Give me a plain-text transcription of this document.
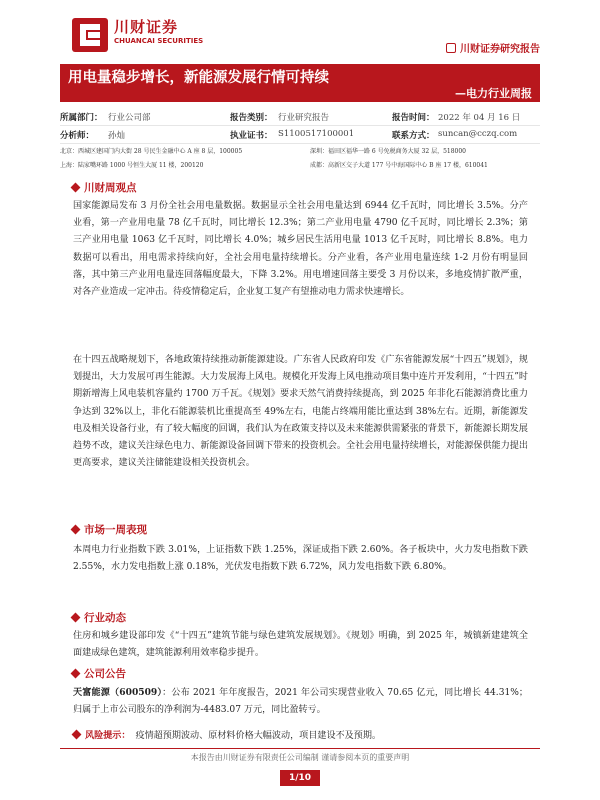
川财证券
CHUANCAI SECURITIES
川财证券研究报告
用电量稳步增长，新能源发展行情可持续
—电力行业周报
所属部门： 行业公司部	报告类别： 行业研究报告	报告时间： 2022 年 04 月 16 日
分析师： 孙灿	执业证书： S1100517100001	联系方式： suncan@cczq.com
北京：西城区建国门内大街 28 号民生金融中心 A 座 8 层，100005	深圳：福田区福华一路 6 号免税商务大厦 32 层，518000
上海：陆家嘴环路 1000 号恒生大厦 11 楼，200120	成都：高新区交子大道 177 号中海国际中心 B 座 17 楼，610041
川财周观点
国家能源局发布 3 月份全社会用电量数据。数据显示全社会用电量达到 6944 亿千瓦时，同比增长 3.5%。分产业看，第一产业用电量 78 亿千瓦时，同比增长 12.3%；第二产业用电量 4790 亿千瓦时，同比增长 2.3%；第三产业用电量 1063 亿千瓦时，同比增长 4.0%；城乡居民生活用电量 1013 亿千瓦时，同比增长 8.8%。电力数据可以看出，用电需求持续向好，全社会用电量持续增长。分产业看，各产业用电量连续 1-2 月份有明显回落，其中第三产业用电量连回落幅度最大，下降 3.2%。用电增速回落主要受 3 月份以来，多地疫情扩散严重，对各产业造成一定冲击。待疫情稳定后，企业复工复产有望推动电力需求快速增长。
在十四五战略规划下，各地政策持续推动新能源建设。广东省人民政府印发《广东省能源发展“十四五”规划》，规划提出，大力发展可再生能源。大力发展海上风电。规模化开发海上风电推动项目集中连片开发利用，“十四五”时期新增海上风电装机容量约 1700 万千瓦。《规划》要求天然气消费持续提高，到 2025 年非化石能源消费比重力争达到 32%以上，非化石能源装机比重提高至 49%左右，电能占终端用能比重达到 38%左右。近期，新能源发电及相关设备行业，有了较大幅度的回调，我们认为在政策支持以及未来能源供需紧张的背景下，新能源长期发展趋势不改，建议关注绿色电力、新能源设备回调下带来的投资机会。全社会用电量持续增长，对能源保供能力提出更高要求，建议关注储能建设相关投资机会。
市场一周表现
本周电力行业指数下跌 3.01%，上证指数下跌 1.25%，深证成指下跌 2.60%。各子板块中，火力发电指数下跌 2.55%，水力发电指数上涨 0.18%，光伏发电指数下跌 6.72%，风力发电指数下跌 6.80%。
行业动态
住房和城乡建设部印发《“十四五”建筑节能与绿色建筑发展规划》。《规划》明确，到 2025 年，城镇新建建筑全面建成绿色建筑，建筑能源利用效率稳步提升。
公司公告
天富能源（600509）：公布 2021 年年度报告，2021 年公司实现营业收入 70.65 亿元，同比增长 44.31%；归属于上市公司股东的净利润为-4483.07 万元，同比盈转亏。
风险提示： 疫情超预期波动、原材料价格大幅波动，项目建设不及预期。
本报告由川财证券有限责任公司编制 谨请参阅本页的重要声明
1/10
